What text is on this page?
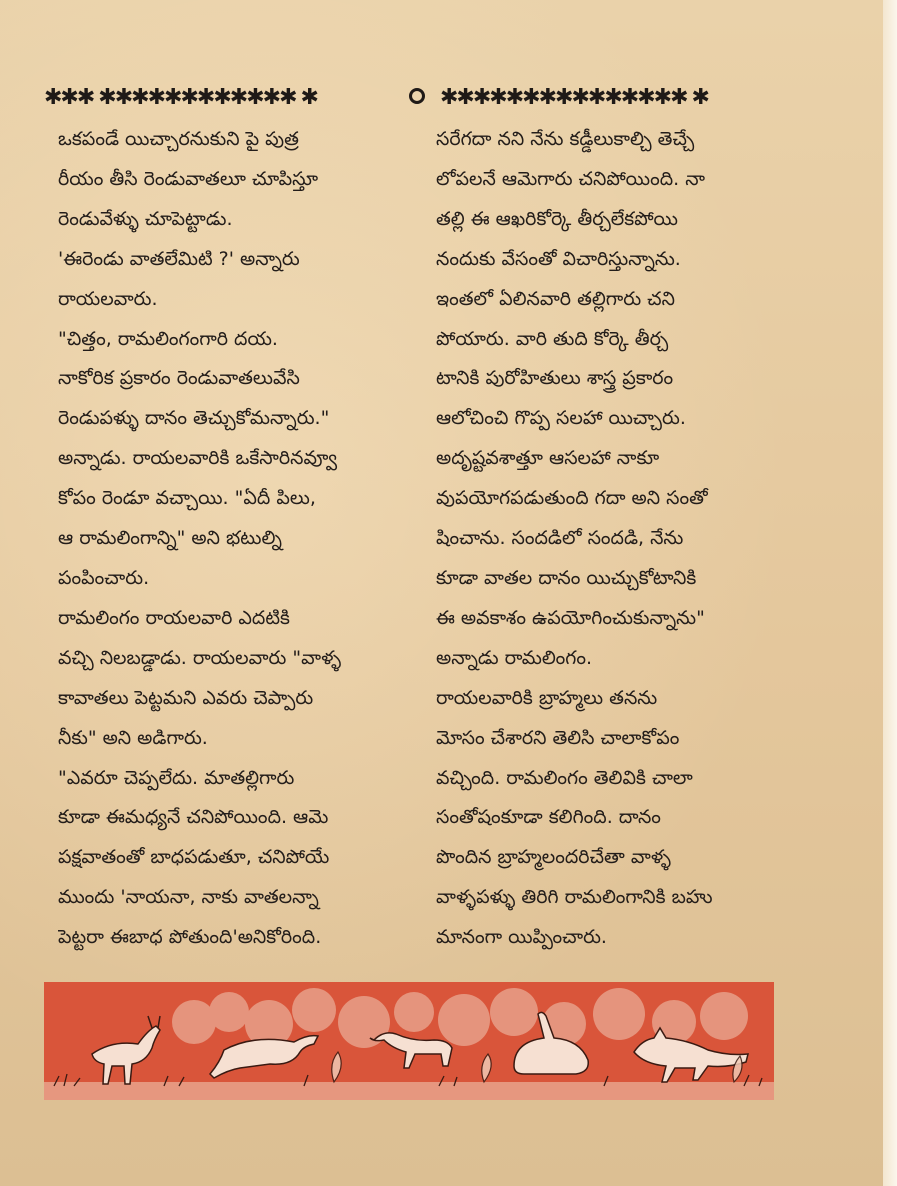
✱✱✱ ✱✱✱✱✱✱✱✱✱✱✱✱ ✱	✱✱✱✱✱✱✱✱✱✱✱✱✱✱✱ ✱
ఒకపండే యిచ్చారనుకుని పై పుత్ర
రీయం తీసి రెండువాతలూ చూపిస్తూ
రెండువేళ్ళు చూపెట్టాడు.
'ఈరెండు వాతలేమిటి ?' అన్నారు
రాయలవారు.
"చిత్తం, రామలింగంగారి దయ.
నాకోరిక ప్రకారం రెండువాతలువేసి
రెండుపళ్ళు దానం తెచ్చుకోమన్నారు."
అన్నాడు. రాయలవారికి ఒకేసారినవ్వూ
కోపం రెండూ వచ్చాయి. "ఏదీ పిలు,
ఆ రామలింగాన్ని" అని భటుల్ని
పంపించారు.
రామలింగం రాయలవారి ఎదటికి
వచ్చి నిలబడ్డాడు. రాయలవారు "వాళ్ళ
కావాతలు పెట్టమని ఎవరు చెప్పారు
నీకు" అని అడిగారు.
"ఎవరూ చెప్పలేదు. మాతల్లిగారు
కూడా ఈమధ్యనే చనిపోయింది. ఆమె
పక్షవాతంతో బాధపడుతూ, చనిపోయే
ముందు 'నాయనా, నాకు వాతలన్నా
పెట్టరా ఈబాధ పోతుంది'అనికోరింది.
సరేగదా నని నేను కడ్డీలుకాల్చి తెచ్చే
లోపలనే ఆమెగారు చనిపోయింది. నా
తల్లి ఈ ఆఖరికోర్కె తీర్చలేకపోయి
నందుకు వేసంతో విచారిస్తున్నాను.
ఇంతలో ఏలినవారి తల్లిగారు చని
పోయారు. వారి తుది కోర్కె తీర్చ
టానికి పురోహితులు శాస్త్ర ప్రకారం
ఆలోచించి గొప్ప సలహా యిచ్చారు.
అదృష్టవశాత్తూ ఆసలహా నాకూ
వుపయోగపడుతుంది గదా అని సంతో
షించాను. సందడిలో సందడి, నేను
కూడా వాతల దానం యిచ్చుకోటానికి
ఈ అవకాశం ఉపయోగించుకున్నాను"
అన్నాడు రామలింగం.
రాయలవారికి బ్రాహ్మలు తనను
మోసం చేశారని తెలిసి చాలాకోపం
వచ్చింది. రామలింగం తెలివికి చాలా
సంతోషంకూడా కలిగింది. దానం
పొందిన బ్రాహ్మలందరిచేతా వాళ్ళ
వాళ్ళపళ్ళు తిరిగి రామలింగానికి బహు
మానంగా యిప్పించారు.
